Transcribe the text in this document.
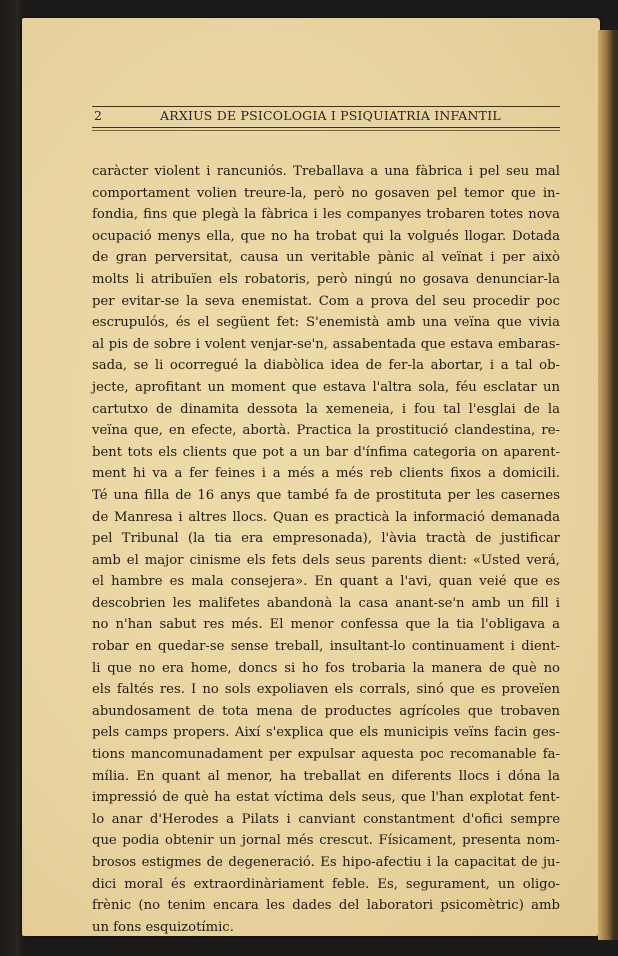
2	ARXIUS DE PSICOLOGIA I PSIQUIATRIA INFANTIL
caràcter violent i rancuniós. Treballava a una fàbrica i pel seu mal
comportament volien treure-la, però no gosaven pel temor que in-
fondia, fins que plegà la fàbrica i les companyes trobaren totes nova
ocupació menys ella, que no ha trobat qui la volgués llogar. Dotada
de gran perversitat, causa un veritable pànic al veïnat i per això
molts li atribuïen els robatoris, però ningú no gosava denunciar-la
per evitar-se la seva enemistat. Com a prova del seu procedir poc
escrupulós, és el següent fet: S'enemistà amb una veïna que vivia
al pis de sobre i volent venjar-se'n, assabentada que estava embaras-
sada, se li ocorregué la diabòlica idea de fer-la abortar, i a tal ob-
jecte, aprofitant un moment que estava l'altra sola, féu esclatar un
cartutxo de dinamita dessota la xemeneia, i fou tal l'esglai de la
veïna que, en efecte, abortà. Practica la prostitució clandestina, re-
bent tots els clients que pot a un bar d'ínfima categoria on aparent-
ment hi va a fer feines i a més a més reb clients fixos a domicili.
Té una filla de 16 anys que també fa de prostituta per les casernes
de Manresa i altres llocs. Quan es practicà la informació demanada
pel Tribunal (la tia era empresonada), l'àvia tractà de justificar
amb el major cinisme els fets dels seus parents dient: «Usted verá,
el hambre es mala consejera». En quant a l'avi, quan veié que es
descobrien les malifetes abandonà la casa anant-se'n amb un fill i
no n'han sabut res més. El menor confessa que la tia l'obligava a
robar en quedar-se sense treball, insultant-lo continuament i dient-
li que no era home, doncs si ho fos trobaria la manera de què no
els faltés res. I no sols expoliaven els corrals, sinó que es proveïen
abundosament de tota mena de productes agrícoles que trobaven
pels camps propers. Així s'explica que els municipis veïns facin ges-
tions mancomunadament per expulsar aquesta poc recomanable fa-
mília. En quant al menor, ha treballat en diferents llocs i dóna la
impressió de què ha estat víctima dels seus, que l'han explotat fent-
lo anar d'Herodes a Pilats i canviant constantment d'ofici sempre
que podia obtenir un jornal més crescut. Físicament, presenta nom-
brosos estigmes de degeneració. Es hipo-afectiu i la capacitat de ju-
dici moral és extraordinàriament feble. Es, segurament, un oligo-
frènic (no tenim encara les dades del laboratori psicomètric) amb
un fons esquizotímic.
Observació n.º 7.—A. F. F., de Rubí. Detingut per dedicar-se a la
